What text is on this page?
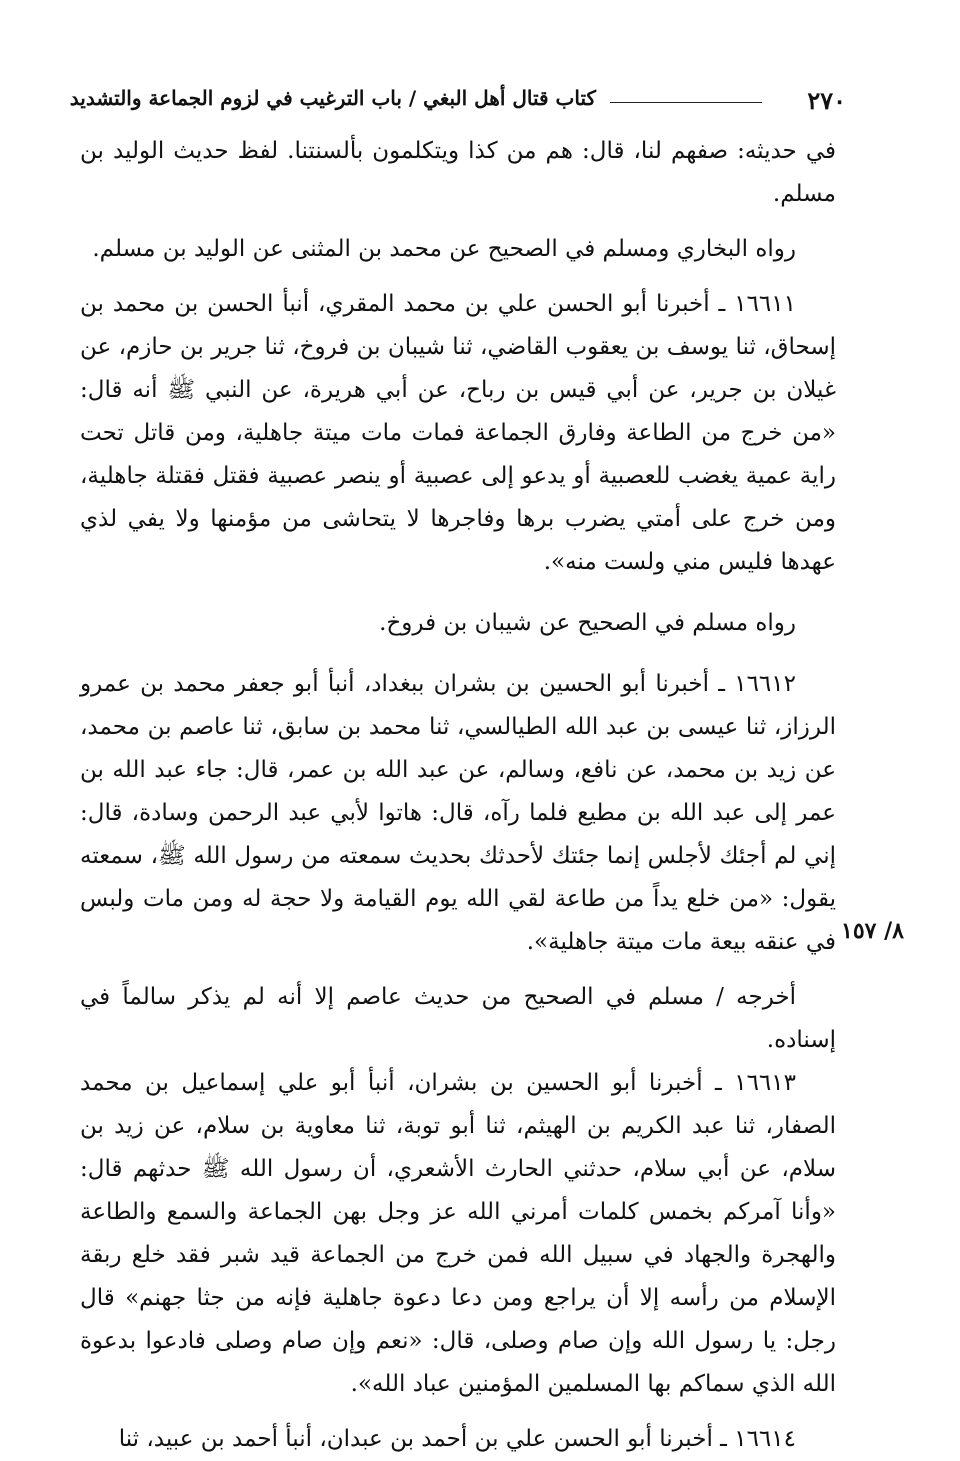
٢٧٠
كتاب قتال أهل البغي / باب الترغيب في لزوم الجماعة والتشديد
٨/ ١٥٧

في حديثه: صفهم لنا، قال: هم من كذا ويتكلمون بألسنتنا. لفظ حديث الوليد بن مسلم.

رواه البخاري ومسلم في الصحيح عن محمد بن المثنى عن الوليد بن مسلم.

١٦٦١١ ـ أخبرنا أبو الحسن علي بن محمد المقري، أنبأ الحسن بن محمد بن إسحاق، ثنا يوسف بن يعقوب القاضي، ثنا شيبان بن فروخ، ثنا جرير بن حازم، عن غيلان بن جرير، عن أبي قيس بن رباح، عن أبي هريرة، عن النبي ﷺ أنه قال: «من خرج من الطاعة وفارق الجماعة فمات مات ميتة جاهلية، ومن قاتل تحت راية عمية يغضب للعصبية أو يدعو إلى عصبية أو ينصر عصبية فقتل فقتلة جاهلية، ومن خرج على أمتي يضرب برها وفاجرها لا يتحاشى من مؤمنها ولا يفي لذي عهدها فليس مني ولست منه».

رواه مسلم في الصحيح عن شيبان بن فروخ.

١٦٦١٢ ـ أخبرنا أبو الحسين بن بشران ببغداد، أنبأ أبو جعفر محمد بن عمرو الرزاز، ثنا عيسى بن عبد الله الطيالسي، ثنا محمد بن سابق، ثنا عاصم بن محمد، عن زيد بن محمد، عن نافع، وسالم، عن عبد الله بن عمر، قال: جاء عبد الله بن عمر إلى عبد الله بن مطيع فلما رآه، قال: هاتوا لأبي عبد الرحمن وسادة، قال: إني لم أجئك لأجلس إنما جئتك لأحدثك بحديث سمعته من رسول الله ﷺ، سمعته يقول: «من خلع يداً من طاعة لقي الله يوم القيامة ولا حجة له ومن مات ولبس في عنقه بيعة مات ميتة جاهلية».

أخرجه / مسلم في الصحيح من حديث عاصم إلا أنه لم يذكر سالماً في إسناده.

١٦٦١٣ ـ أخبرنا أبو الحسين بن بشران، أنبأ أبو علي إسماعيل بن محمد الصفار، ثنا عبد الكريم بن الهيثم، ثنا أبو توبة، ثنا معاوية بن سلام، عن زيد بن سلام، عن أبي سلام، حدثني الحارث الأشعري، أن رسول الله ﷺ حدثهم قال: «وأنا آمركم بخمس كلمات أمرني الله عز وجل بهن الجماعة والسمع والطاعة والهجرة والجهاد في سبيل الله فمن خرج من الجماعة قيد شبر فقد خلع ربقة الإسلام من رأسه إلا أن يراجع ومن دعا دعوة جاهلية فإنه من جثا جهنم» قال رجل: يا رسول الله وإن صام وصلى، قال: «نعم وإن صام وصلى فادعوا بدعوة الله الذي سماكم بها المسلمين المؤمنين عباد الله».

١٦٦١٤ ـ أخبرنا أبو الحسن علي بن أحمد بن عبدان، أنبأ أحمد بن عبيد، ثنا
